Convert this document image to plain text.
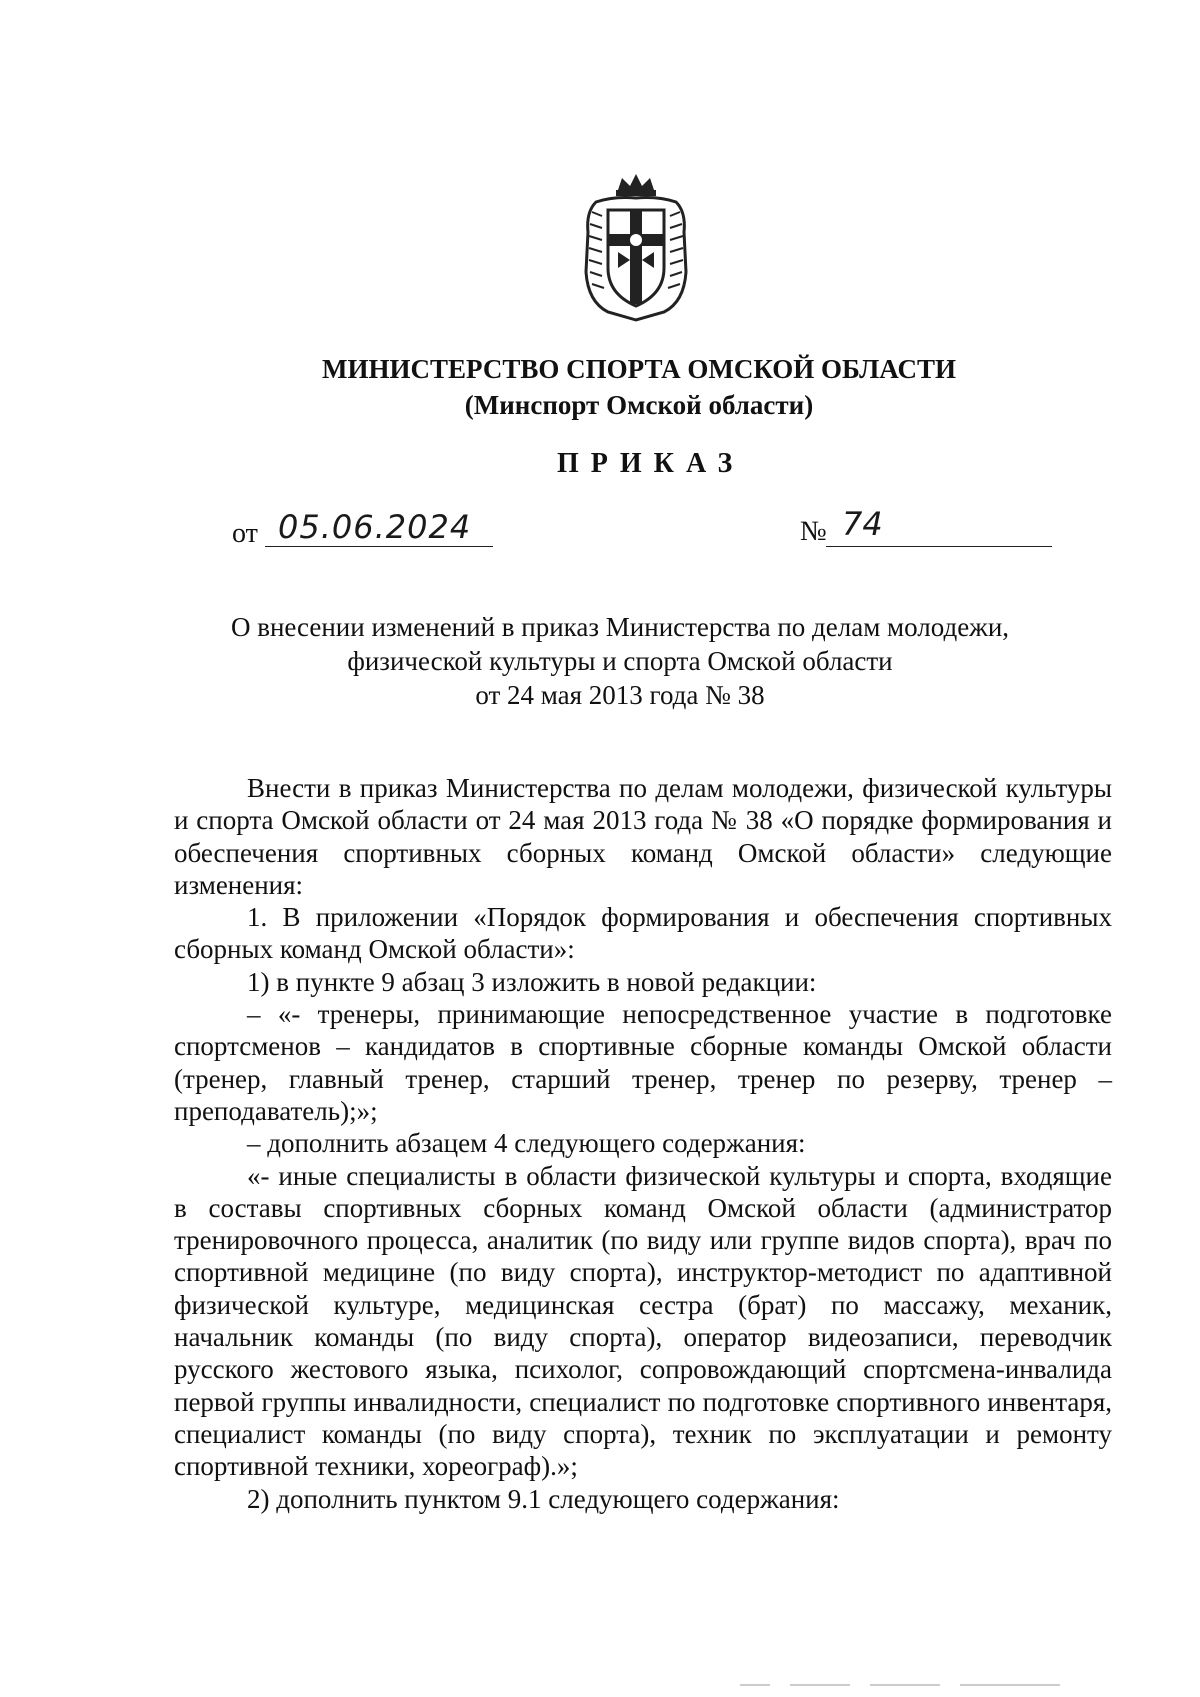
МИНИСТЕРСТВО СПОРТА ОМСКОЙ ОБЛАСТИ
(Минспорт Омской области)
ПРИКАЗ
от 05.06.2024	№ 74
О внесении изменений в приказ Министерства по делам молодежи,
физической культуры и спорта Омской области
от 24 мая 2013 года № 38

Внести в приказ Министерства по делам молодежи, физической культуры и спорта Омской области от 24 мая 2013 года № 38 «О порядке формирования и обеспечения спортивных сборных команд Омской области» следующие изменения:

1. В приложении «Порядок формирования и обеспечения спортивных сборных команд Омской области»:

1) в пункте 9 абзац 3 изложить в новой редакции:

– «- тренеры, принимающие непосредственное участие в подготовке спортсменов – кандидатов в спортивные сборные команды Омской области (тренер, главный тренер, старший тренер, тренер по резерву, тренер – преподаватель);»;

– дополнить абзацем 4 следующего содержания:

«- иные специалисты в области физической культуры и спорта, входящие в составы спортивных сборных команд Омской области (администратор тренировочного процесса, аналитик (по виду или группе видов спорта), врач по спортивной медицине (по виду спорта), инструктор-методист по адаптивной физической культуре, медицинская сестра (брат) по массажу, механик, начальник команды (по виду спорта), оператор видеозаписи, переводчик русского жестового языка, психолог, сопровождающий спортсмена-инвалида первой группы инвалидности, специалист по подготовке спортивного инвентаря, специалист команды (по виду спорта), техник по эксплуатации и ремонту спортивной техники, хореограф).»;

2) дополнить пунктом 9.1 следующего содержания:
